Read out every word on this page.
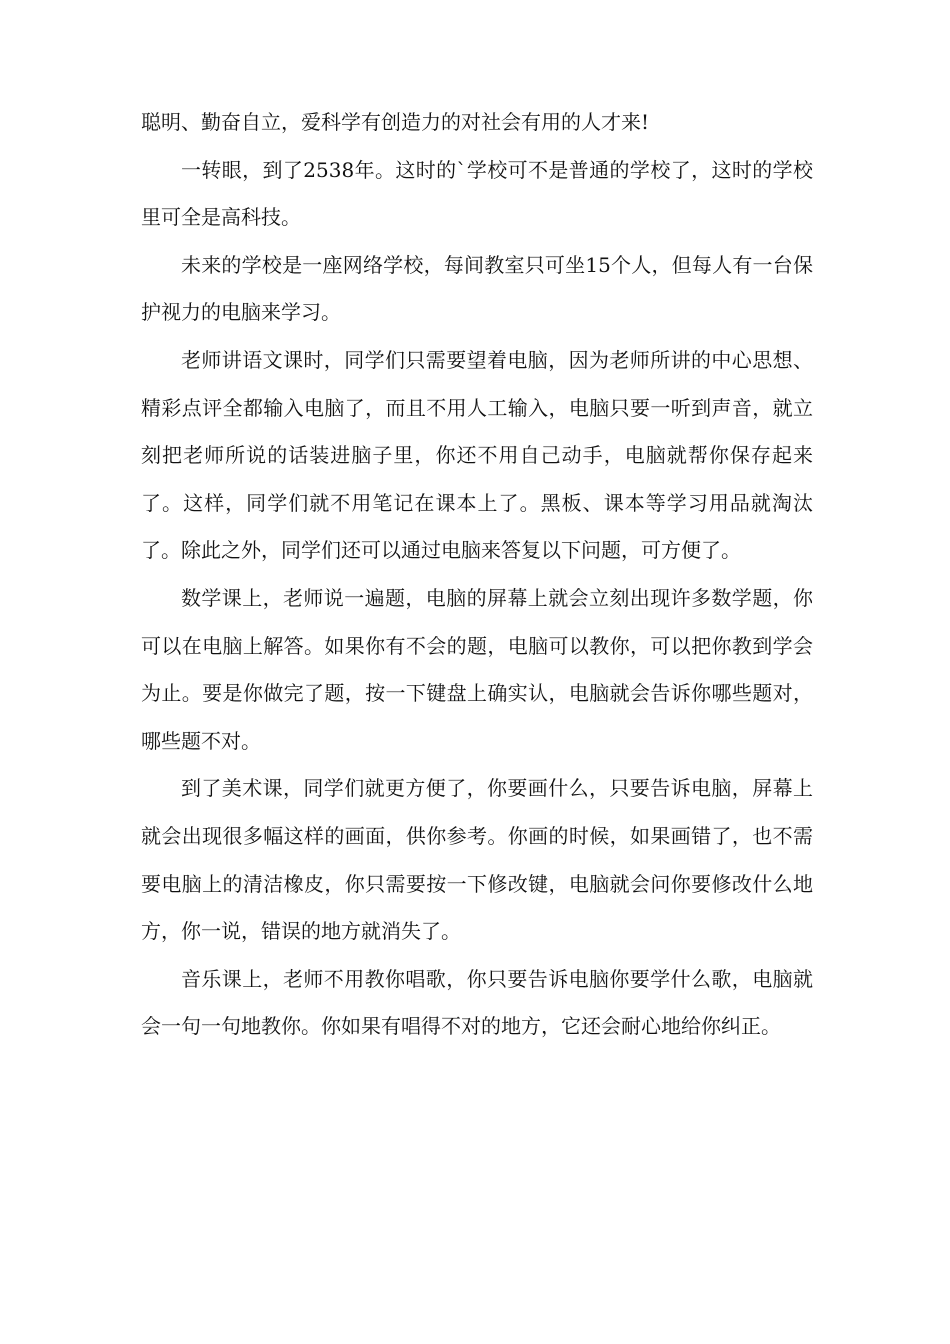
聪明、勤奋自立，爱科学有创造力的对社会有用的人才来!

一转眼，到了2538年。这时的`学校可不是普通的学校了，这时的学校里可全是高科技。

未来的学校是一座网络学校，每间教室只可坐15个人，但每人有一台保护视力的电脑来学习。

老师讲语文课时，同学们只需要望着电脑，因为老师所讲的中心思想、精彩点评全都输入电脑了，而且不用人工输入，电脑只要一听到声音，就立刻把老师所说的话装进脑子里，你还不用自己动手，电脑就帮你保存起来了。这样，同学们就不用笔记在课本上了。黑板、课本等学习用品就淘汰了。除此之外，同学们还可以通过电脑来答复以下问题，可方便了。

数学课上，老师说一遍题，电脑的屏幕上就会立刻出现许多数学题，你可以在电脑上解答。如果你有不会的题，电脑可以教你，可以把你教到学会为止。要是你做完了题，按一下键盘上确实认，电脑就会告诉你哪些题对，哪些题不对。

到了美术课，同学们就更方便了，你要画什么，只要告诉电脑，屏幕上就会出现很多幅这样的画面，供你参考。你画的时候，如果画错了，也不需要电脑上的清洁橡皮，你只需要按一下修改键，电脑就会问你要修改什么地方，你一说，错误的地方就消失了。

音乐课上，老师不用教你唱歌，你只要告诉电脑你要学什么歌，电脑就会一句一句地教你。你如果有唱得不对的地方，它还会耐心地给你纠正。
